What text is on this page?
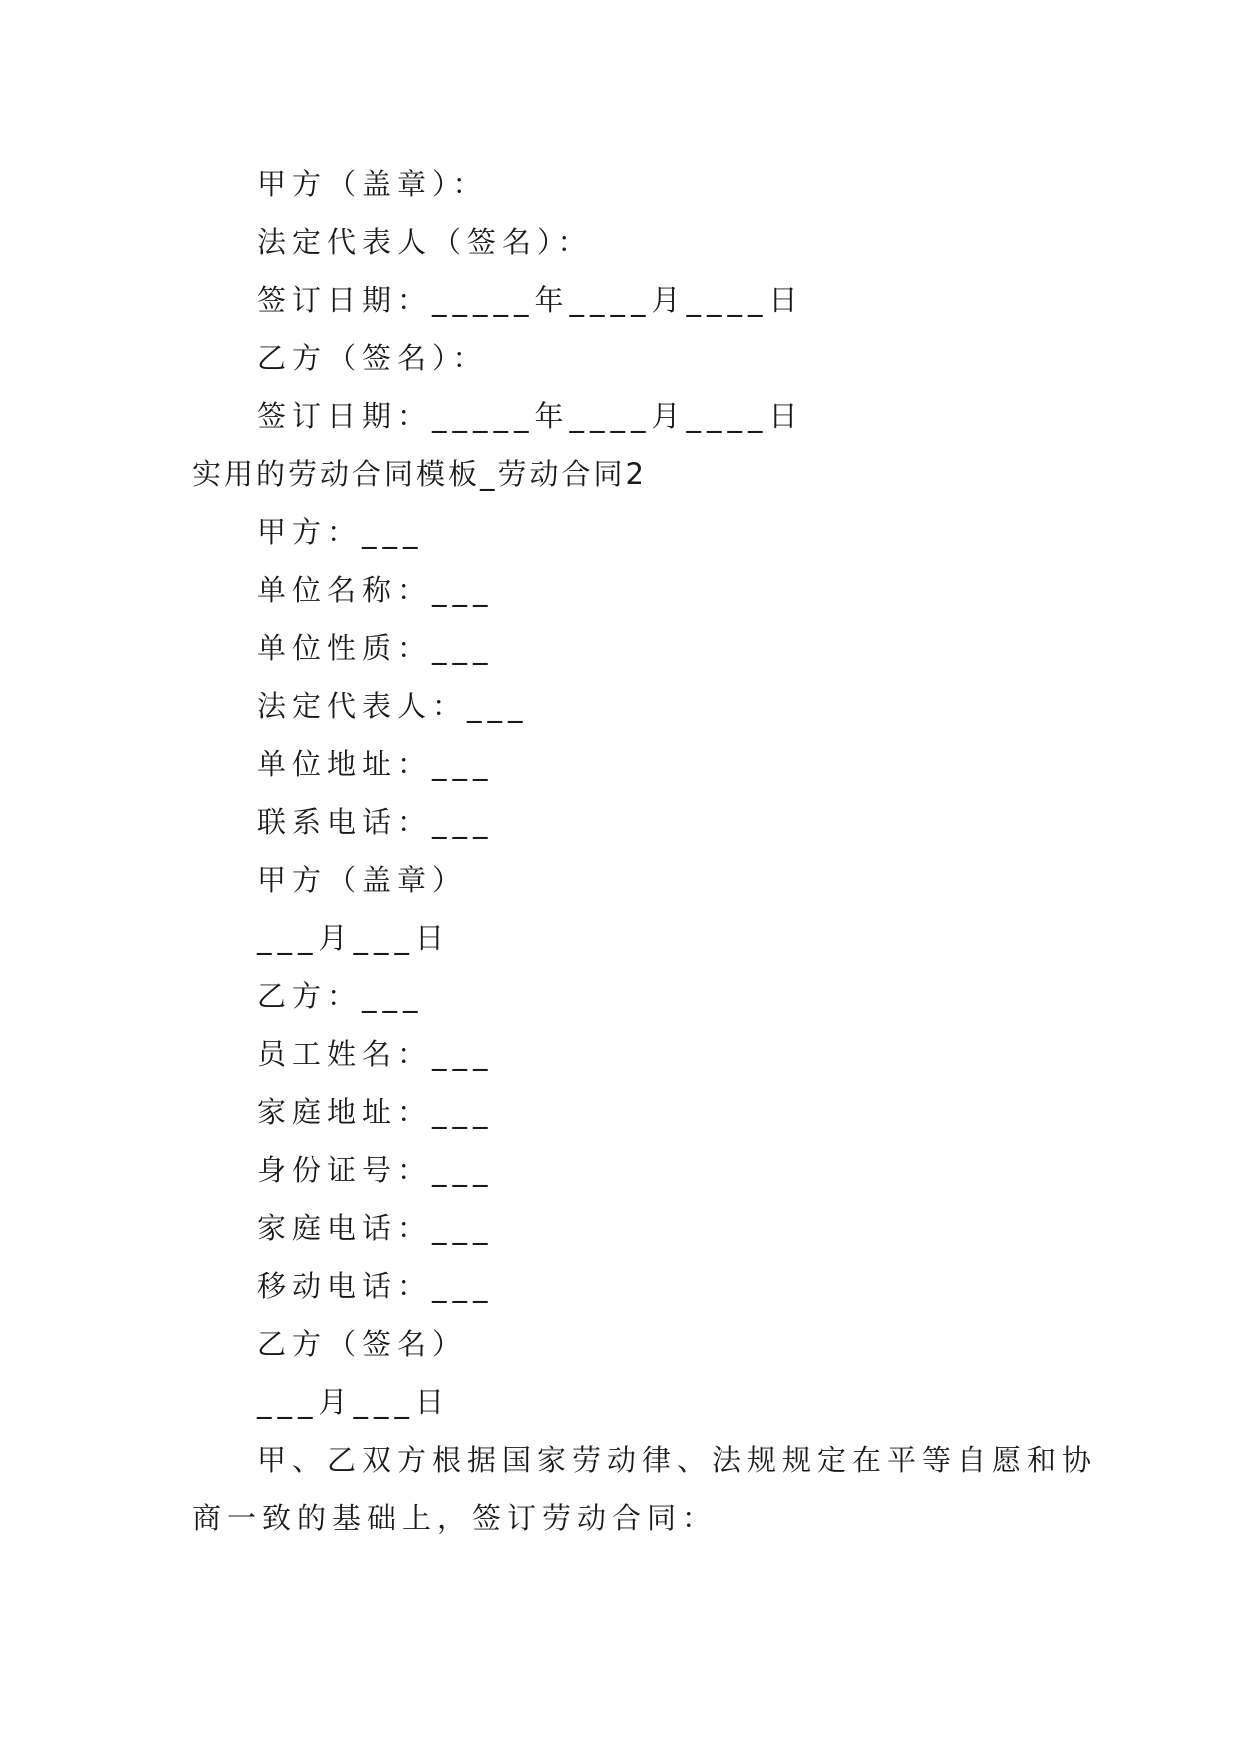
甲方（盖章）：
法定代表人（签名）：
签订日期：_____年____月____日
乙方（签名）：
签订日期：_____年____月____日
实用的劳动合同模板_劳动合同2
甲方：___
单位名称：___
单位性质：___
法定代表人：___
单位地址：___
联系电话：___
甲方（盖章）
___月___日
乙方：___
员工姓名：___
家庭地址：___
身份证号：___
家庭电话：___
移动电话：___
乙方（签名）
___月___日
甲、乙双方根据国家劳动律、法规规定在平等自愿和协
商一致的基础上，签订劳动合同：
